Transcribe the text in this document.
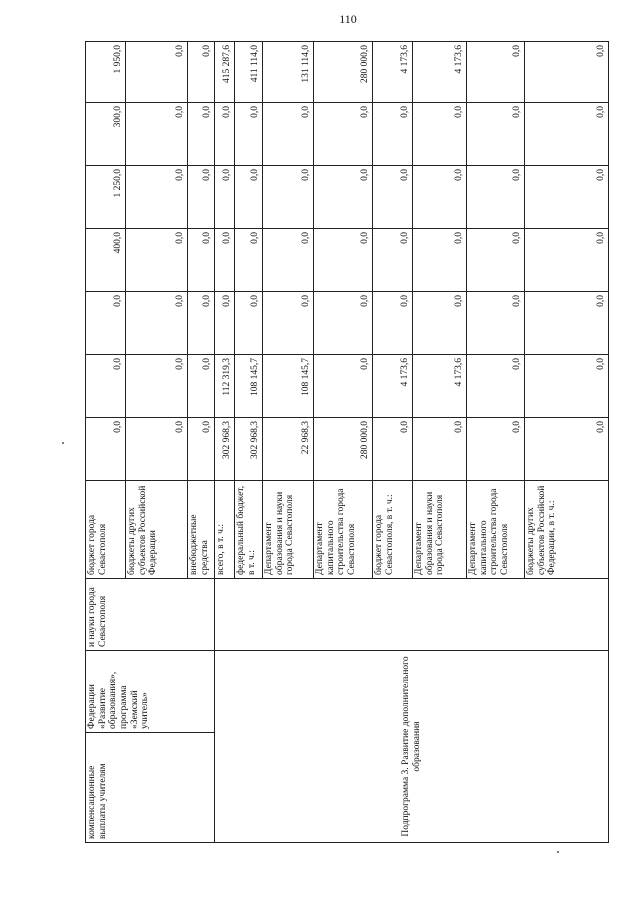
110
компенсационные выплаты учителям	Федерации «Развитие образования», программа «Земский учитель»	и науки города Севастополя	бюджет города Севастополя	0,0	0,0	0,0	400,0	1 250,0	300,0	1 950,0
			бюджеты других субъектов Российской Федерации	0,0	0,0	0,0	0,0	0,0	0,0	0,0
			внебюджетные средства	0,0	0,0	0,0	0,0	0,0	0,0	0,0
Подпрограмма 3. Развитие дополнительного образования			всего, в т. ч.:	302 968,3	112 319,3	0,0	0,0	0,0	0,0	415 287,6
			федеральный бюджет, в т. ч.:	302 968,3	108 145,7	0,0	0,0	0,0	0,0	411 114,0
			Департамент образования и науки города Севастополя	22 968,3	108 145,7	0,0	0,0	0,0	0,0	131 114,0
			Департамент капитального строительства города Севастополя	280 000,0	0,0	0,0	0,0	0,0	0,0	280 000,0
			бюджет города Севастополя, в т. ч.:	0,0	4 173,6	0,0	0,0	0,0	0,0	4 173,6
			Департамент образования и науки города Севастополя	0,0	4 173,6	0,0	0,0	0,0	0,0	4 173,6
			Департамент капитального строительства города Севастополя	0,0	0,0	0,0	0,0	0,0	0,0	0,0
			бюджеты других субъектов Российской Федерации, в т. ч.:	0,0	0,0	0,0	0,0	0,0	0,0	0,0
